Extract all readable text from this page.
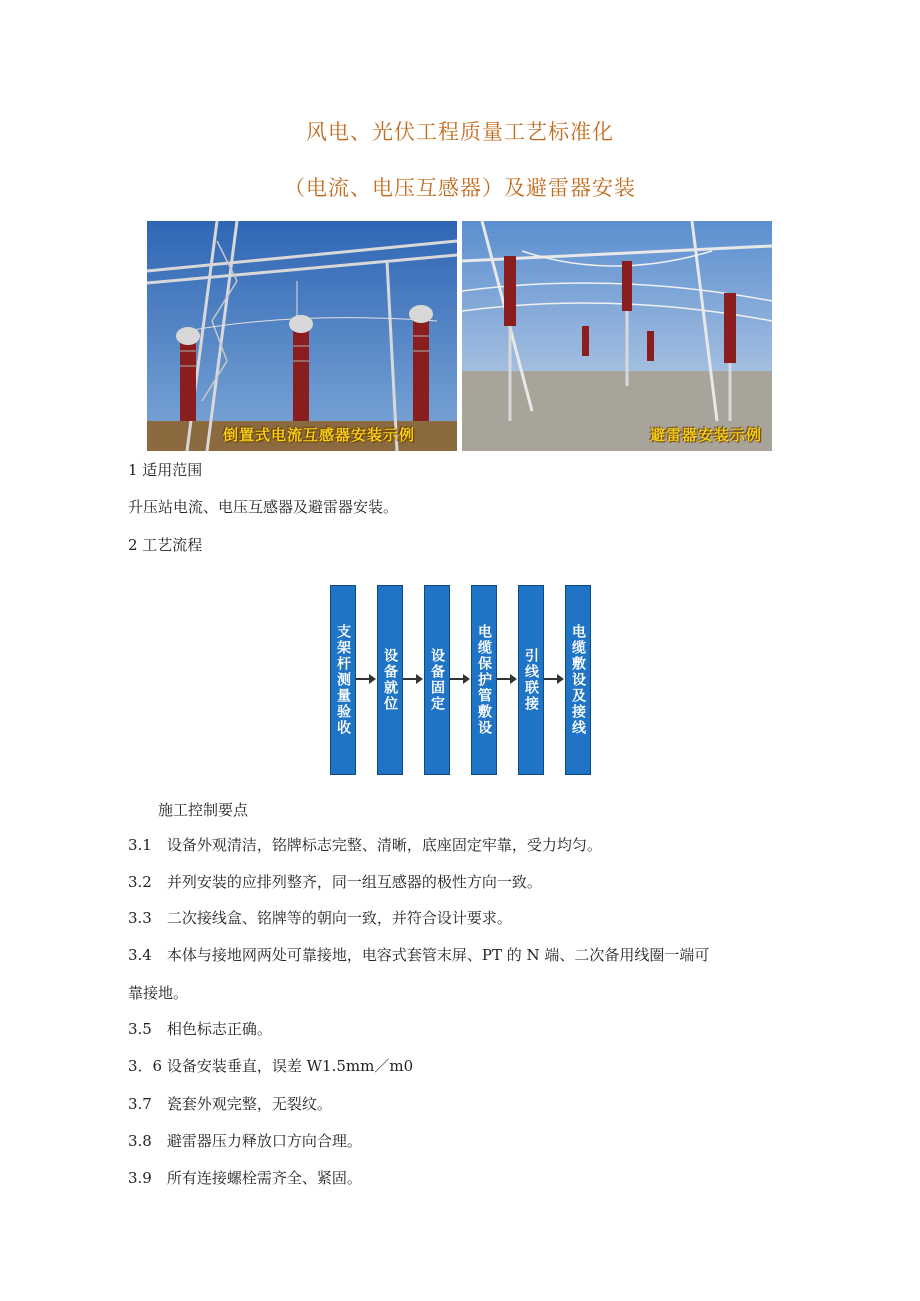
风电、光伏工程质量工艺标准化
（电流、电压互感器）及避雷器安装
倒置式电流互感器安装示例	避雷器安装示例
1 适用范围
升压站电流、电压互感器及避雷器安装。
2 工艺流程
支架杆测量验收	设备就位	设备固定	电缆保护管敷设	引线联接	电缆敷设及接线
施工控制要点
3.1　设备外观清洁，铭牌标志完整、清晰，底座固定牢靠，受力均匀。
3.2　并列安装的应排列整齐，同一组互感器的极性方向一致。
3.3　二次接线盒、铭牌等的朝向一致，并符合设计要求。
3.4　本体与接地网两处可靠接地，电容式套管末屏、PT 的 N 端、二次备用线圈一端可
靠接地。
3.5　相色标志正确。
3．6 设备安装垂直，误差 W1.5mm／m0
3.7　瓷套外观完整，无裂纹。
3.8　避雷器压力释放口方向合理。
3.9　所有连接螺栓需齐全、紧固。
